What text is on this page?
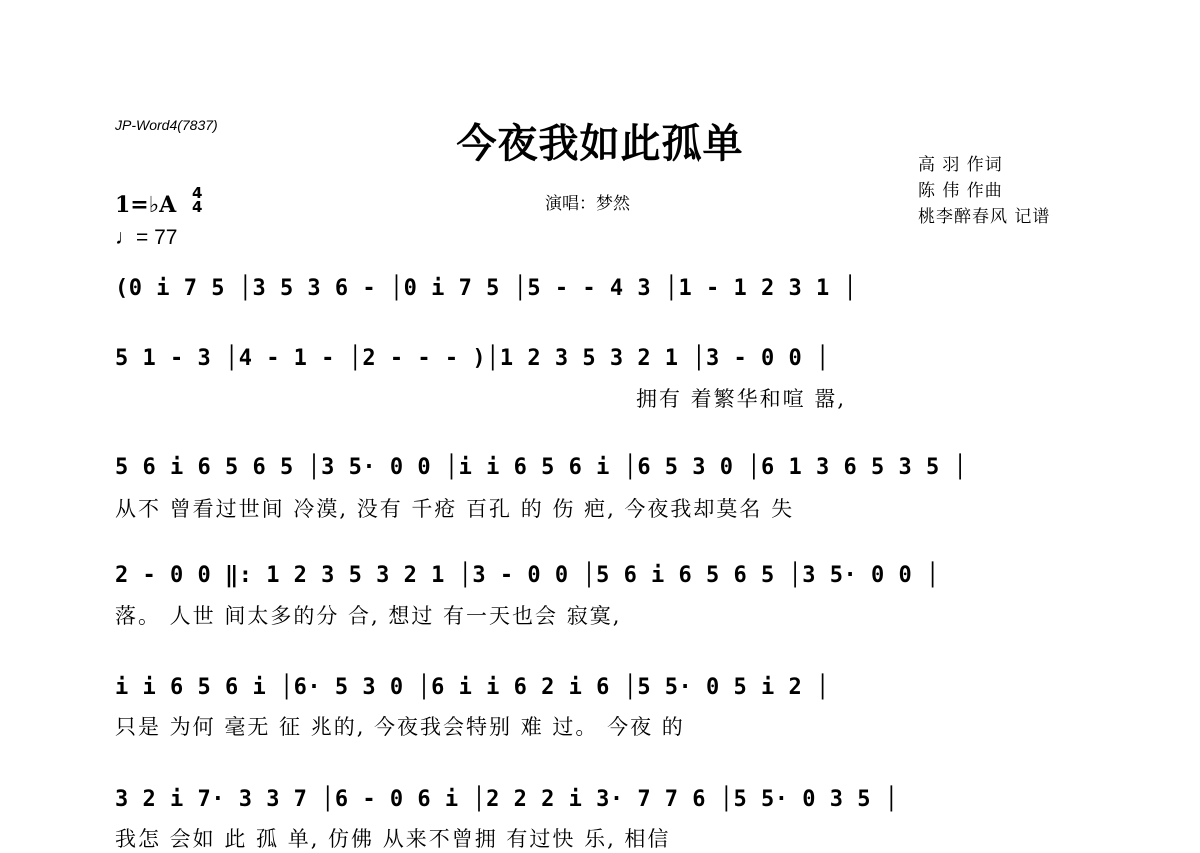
JP-Word4(7837)	今夜我如此孤单
演唱：梦然
高 羽 作词
陈 伟 作曲
桃李醉春风 记谱
1=♭A 4
4
♩= 77
(0 i 7 5 │3 5 3 6 - │0 i 7 5 │5 - - 4 3 │1 - 1 2 3 1 │
5 1 - 3 │4 - 1 - │2 - - - )│1 2 3 5 3 2 1 │3 - 0 0 │
拥有 着繁华和喧 嚣,
5 6 i 6 5 6 5 │3 5· 0 0 │i i 6 5 6 i │6 5 3 0 │6 1 3 6 5 3 5 │
从不 曾看过世间 冷漠, 没有 千疮 百孔 的 伤 疤, 今夜我却莫名 失
2 - 0 0 ‖: 1 2 3 5 3 2 1 │3 - 0 0 │5 6 i 6 5 6 5 │3 5· 0 0 │
落。 人世 间太多的分 合, 想过 有一天也会 寂寞,
i i 6 5 6 i │6· 5 3 0 │6 i i 6 2 i 6 │5 5· 0 5 i 2 │
只是 为何 毫无 征 兆的, 今夜我会特别 难 过。 今夜 的
3 2 i 7· 3 3 7 │6 - 0 6 i │2 2 2 i 3· 7 7 6 │5 5· 0 3 5 │
我怎 会如 此 孤 单, 仿佛 从来不曾拥 有过快 乐, 相信
